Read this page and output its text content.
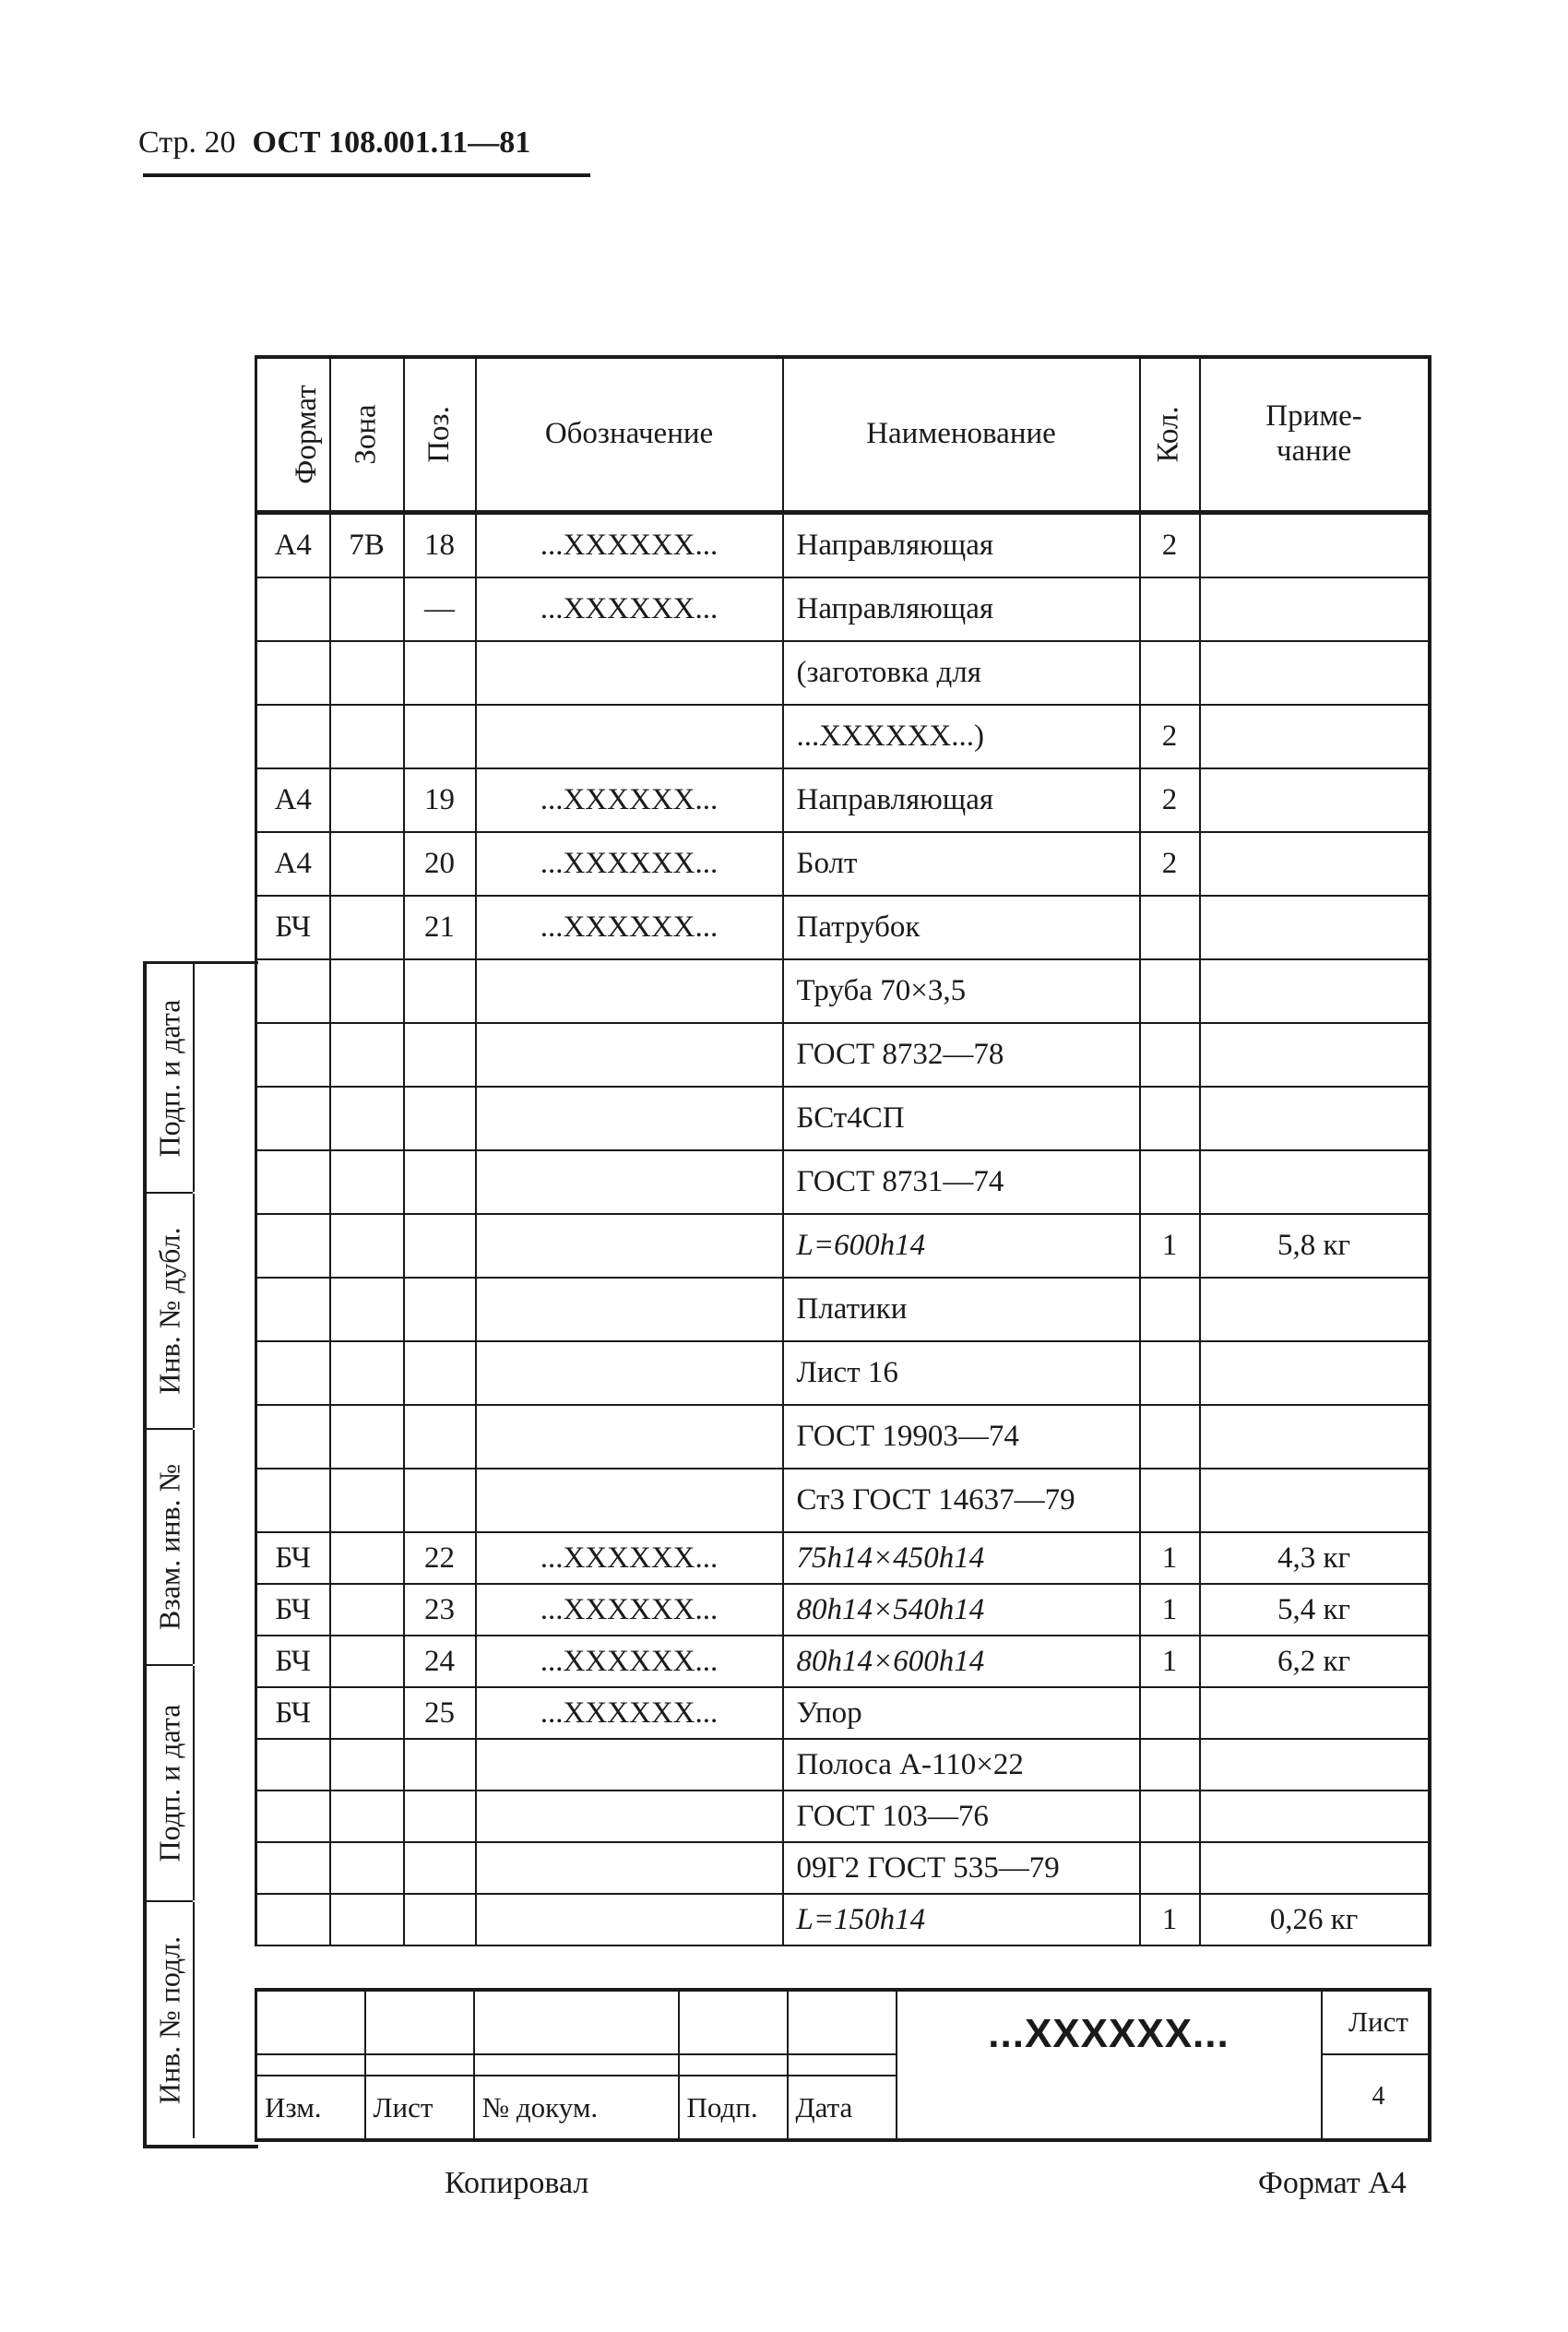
Стр. 20 ОСТ 108.001.11—81
Формат	Зона	Поз.	Обозначение	Наименование	Кол.	Приме-
чание
А4	7В	18	...XXXXXX...	Направляющая	2	
		—	...XXXXXX...	Направляющая		
				(заготовка для		
				...XXXXXX...)	2	
А4		19	...XXXXXX...	Направляющая	2	
А4		20	...XXXXXX...	Болт	2	
БЧ		21	...XXXXXX...	Патрубок		
				Труба 70×3,5		
				ГОСТ 8732—78		
				БСт4СП		
				ГОСТ 8731—74		
				L=600h14	1	5,8 кг
				Платики		
				Лист 16		
				ГОСТ 19903—74		
				Ст3 ГОСТ 14637—79		
БЧ		22	...XXXXXX...	75h14×450h14	1	4,3 кг
БЧ		23	...XXXXXX...	80h14×540h14	1	5,4 кг
БЧ		24	...XXXXXX...	80h14×600h14	1	6,2 кг
БЧ		25	...XXXXXX...	Упор		
				Полоса А-110×22		
				ГОСТ 103—76		
				09Г2 ГОСТ 535—79		
				L=150h14	1	0,26 кг
					...XXXXXX...	Лист
						4
Изм.	Лист	№ докум.	Подп.	Дата		
Подп. и дата
Инв. № дубл.
Взам. инв. №
Подп. и дата
Инв. № подл.
Копировал	Формат А4
